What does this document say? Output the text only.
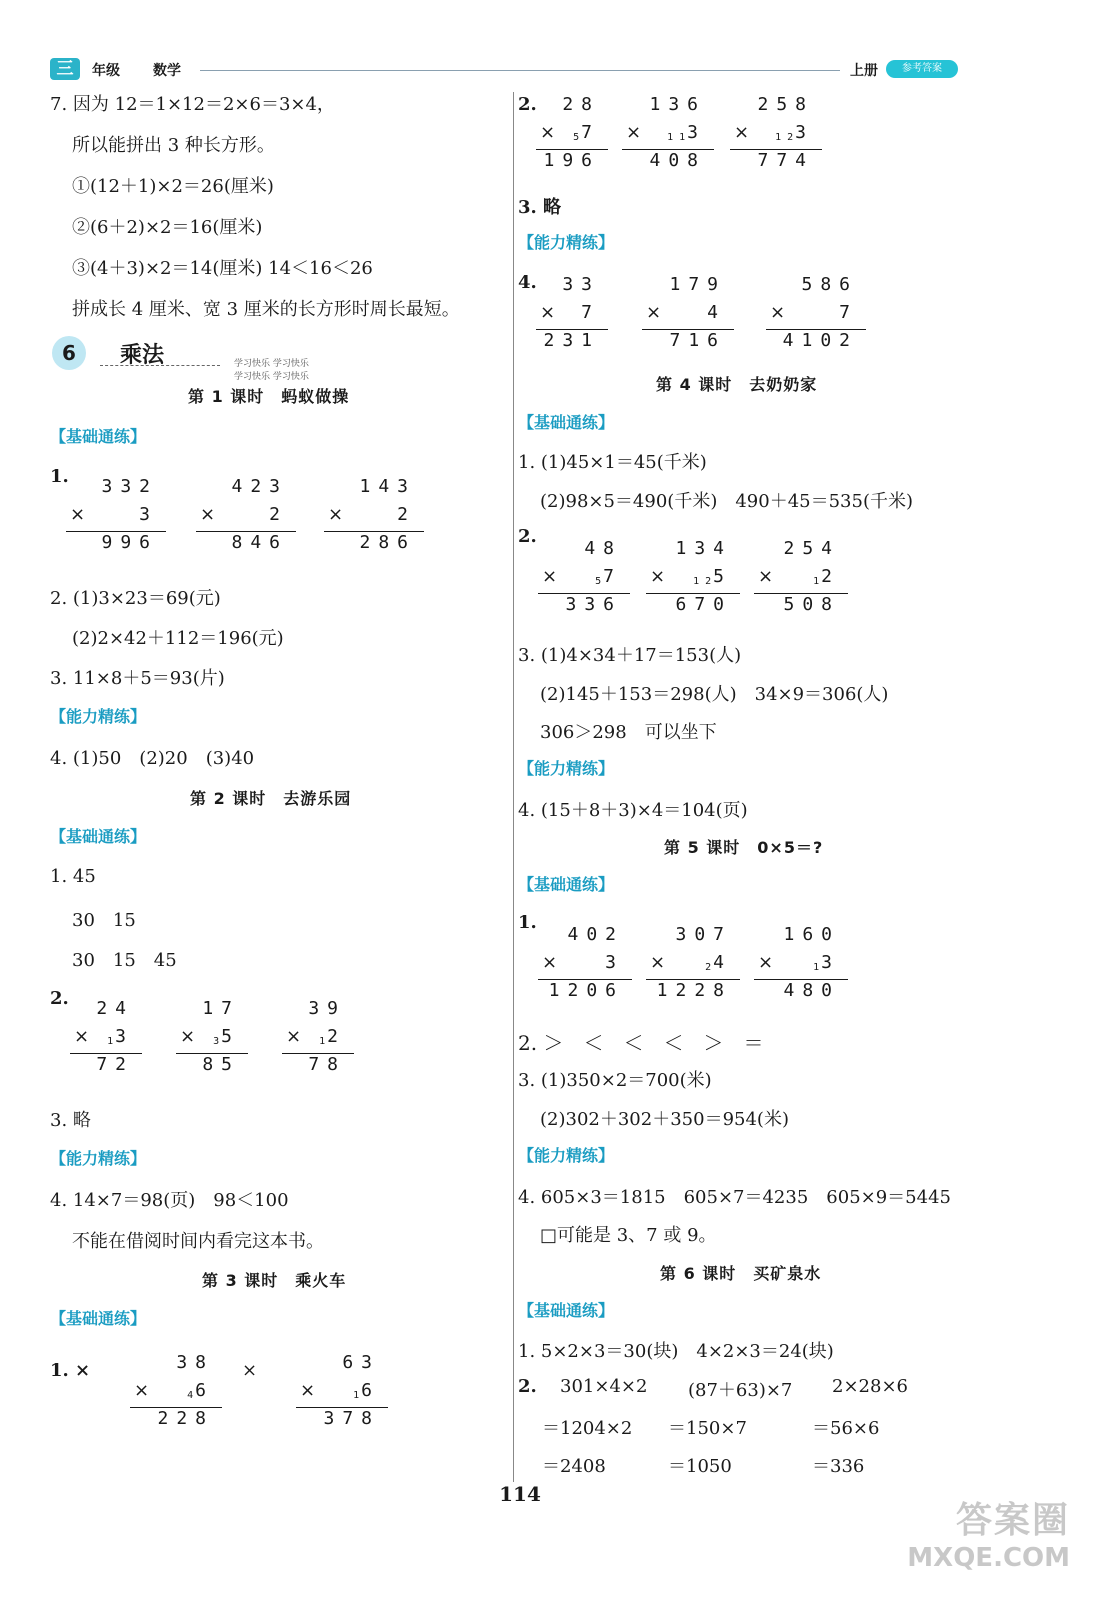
三	年级 数学	上册	参考答案
7. 因为 12＝1×12＝2×6＝3×4，
所以能拼出 3 种长方形。
①(12＋1)×2＝26(厘米)
②(6＋2)×2＝16(厘米)
③(4＋3)×2＝14(厘米) 14＜16＜26
拼成长 4 厘米、宽 3 厘米的长方形时周长最短。
6	乘法	学习快乐 学习快乐
学习快乐 学习快乐
第 1 课时　蚂蚁做操
【基础通练】
1. 332
×	3
996
423
×	2
846
143
×	2
286
2. (1)3×23＝69(元)
(2)2×42＋112＝196(元)
3. 11×8＋5＝93(片)
【能力精练】
4. (1)50　(2)20　(3)40
第 2 课时　去游乐园
【基础通练】
1. 45
30　15
30　15　45
2. 24
× 1 3
72
17
× 3 5
85
39
× 1 2
78
3. 略
【能力精练】
4. 14×7＝98(页)　98＜100
不能在借阅时间内看完这本书。
第 3 课时　乘火车
【基础通练】
1. ×	38
×	4 6
228
×	63
×	1 6
378
2. 28
× 5 7
196
136
×	1 1 3
408
258
×	1 2 3
774
3. 略
【能力精练】
4. 33
× 7
231
179
×	4
716
586
×	7
4102
第 4 课时　去奶奶家
【基础通练】
1. (1)45×1＝45(千米)
(2)98×5＝490(千米)　490＋45＝535(千米)
2.
48
×	5 7
336
134
×	1 2 5
670
254
×	1 2
508
3. (1)4×34＋17＝153(人)
(2)145＋153＝298(人)　34×9＝306(人)
306＞298　可以坐下
【能力精练】
4. (15＋8＋3)×4＝104(页)
第 5 课时　0×5＝?
【基础通练】
1.
402
×	3
1206
307
×	2 4
1228
160
×	1 3
480
2. ＞　＜　＜　＜　＞　＝
3. (1)350×2＝700(米)
(2)302＋302＋350＝954(米)
【能力精练】
4. 605×3＝1815　605×7＝4235　605×9＝5445
□可能是 3、7 或 9。
第 6 课时　买矿泉水
【基础通练】
1. 5×2×3＝30(块)　4×2×3＝24(块)
2. 301×4×2
＝1204×2
＝2408
(87＋63)×7
＝150×7
＝1050
2×28×6
＝56×6
＝336
114
答案圈
MXQE.COM
